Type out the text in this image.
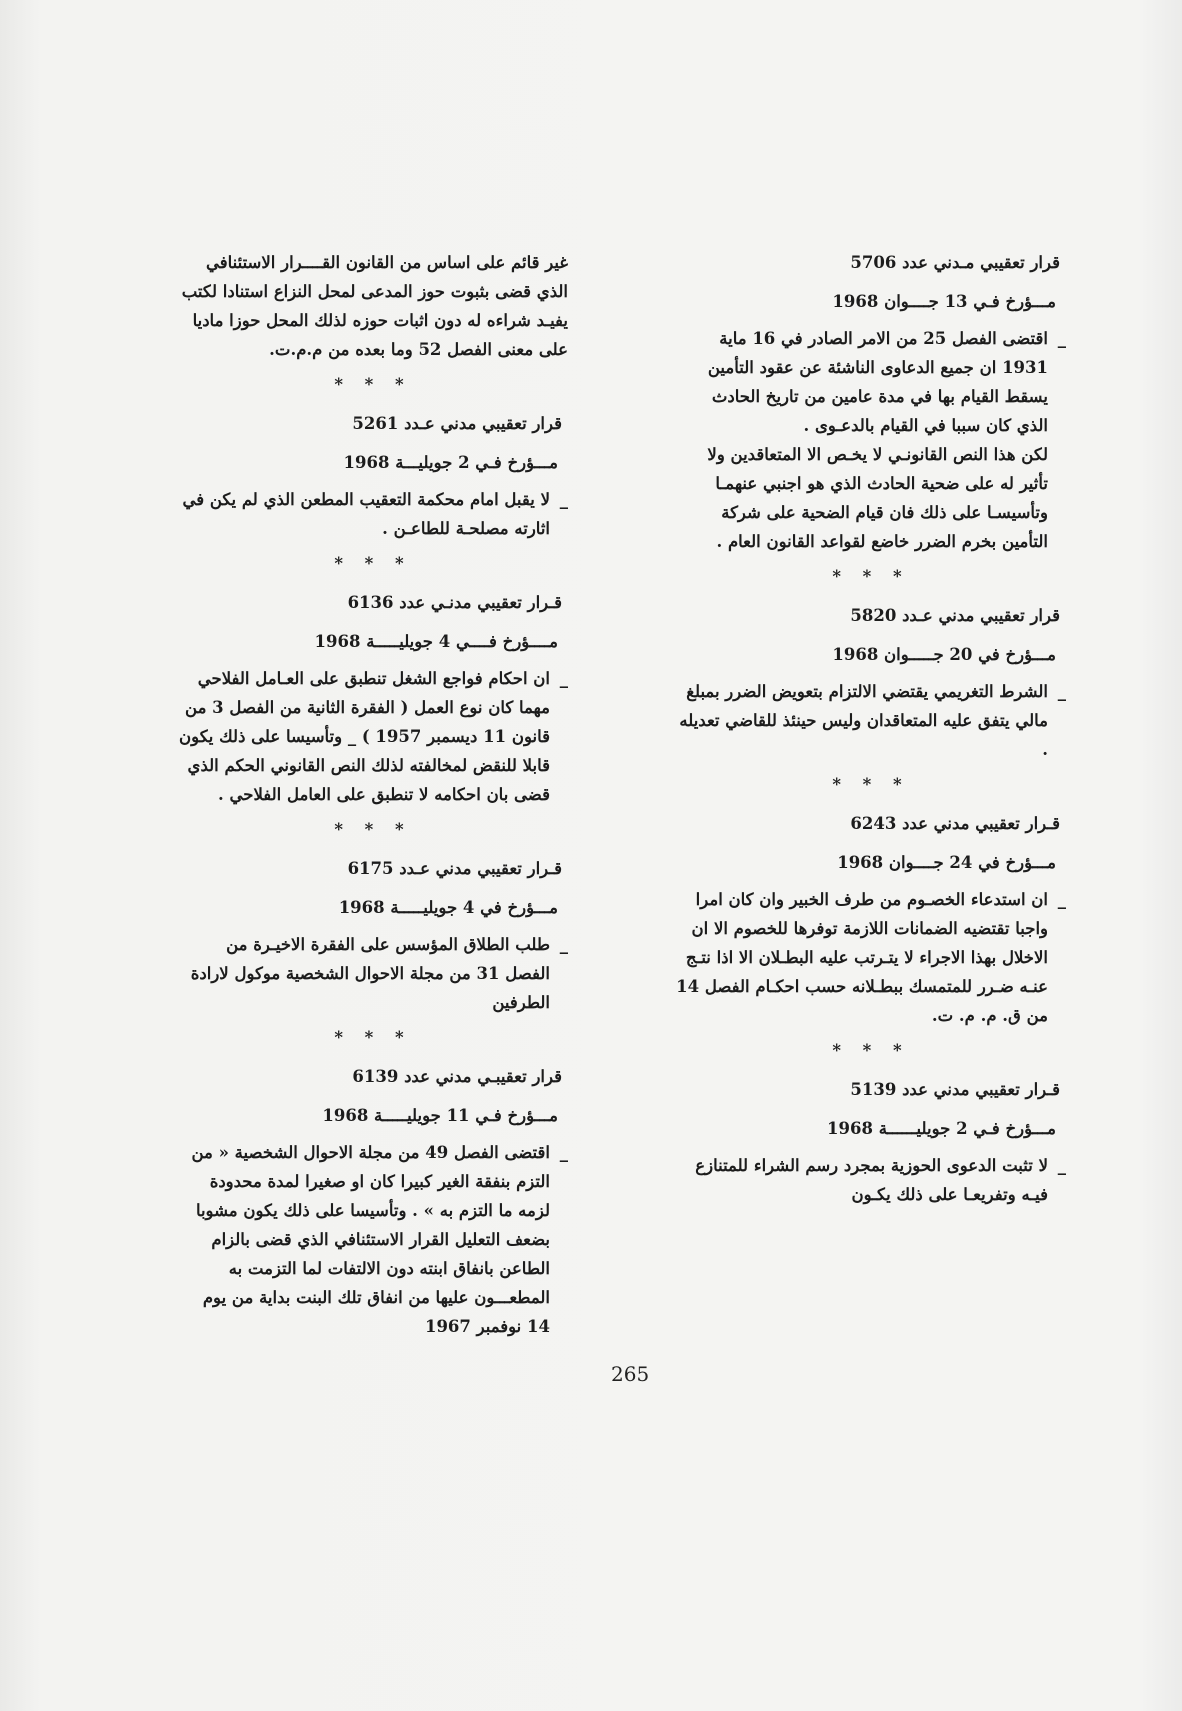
قرار تعقيبي مـدني عدد 5706
مـــؤرخ فـي 13 جــــوان 1968
_

اقتضى الفصل 25 من الامر الصادر في 16 ماية 1931 ان جميع الدعاوى الناشئة عن عقود التأمين يسقط القيام بها في مدة عامين من تاريخ الحادث الذي كان سببا في القيام بالدعـوى .

لكن هذا النص القانونـي لا يخـص الا المتعاقدين ولا تأثير له على ضحية الحادث الذي هو اجنبي عنهمـا وتأسيسـا على ذلك فان قيام الضحية على شركة التأمين بخرم الضرر خاضع لقواعد القانون العام .

* * *
قرار تعقيبي مدني عـدد 5820
مـــؤرخ في 20 جـــــوان 1968
_

الشرط التغريمي يقتضي الالتزام بتعويض الضرر بمبلغ مالي يتفق عليه المتعاقدان وليس حينئذ للقاضي تعديله .

* * *
قـرار تعقيبي مدني عدد 6243
مـــؤرخ في 24 جــــوان 1968
_

ان استدعاء الخصـوم من طرف الخبير وان كان امرا واجبا تقتضيه الضمانات اللازمة توفرها للخصوم الا ان الاخلال بهذا الاجراء لا يتـرتب عليه البطـلان الا اذا نتـج عنـه ضـرر للمتمسك ببطـلانه حسب احكـام الفصل 14 من ق. م. م. ت.

* * *
قـرار تعقيبي مدني عدد 5139
مـــؤرخ فـي 2 جويليــــــة 1968
_

لا تثبت الدعوى الحوزية بمجرد رسم الشراء للمتنازع فيـه وتفريعـا على ذلك يكـون

غير قائم على اساس من القانون القــــرار الاستئنافي الذي قضى بثبوت حوز المدعى لمحل النزاع استنادا لكتب يفيـد شراءه له دون اثبات حوزه لذلك المحل حوزا ماديا على معنى الفصل 52 وما بعده من م.م.ت.

* * *
قرار تعقيبي مدني عـدد 5261
مـــؤرخ فـي 2 جويليـــة 1968
_

لا يقبل امام محكمة التعقيب المطعن الذي لم يكن في اثارته مصلحـة للطاعـن .

* * *
قـرار تعقيبي مدنـي عدد 6136
مــــؤرخ فــــي 4 جويليـــــة 1968
_

ان احكام فواجع الشغل تنطبق على العـامل الفلاحي مهما كان نوع العمل ( الفقرة الثانية من الفصل 3 من قانون 11 ديسمبر 1957 ) _ وتأسيسا على ذلك يكون قابلا للنقض لمخالفته لذلك النص القانوني الحكم الذي قضى بان احكامه لا تنطبق على العامل الفلاحي .

* * *
قـرار تعقيبي مدني عـدد 6175
مـــؤرخ في 4 جويليـــــة 1968
_

طلب الطلاق المؤسس على الفقرة الاخيـرة من الفصل 31 من مجلة الاحوال الشخصية موكول لارادة الطرفين

* * *
قرار تعقيبـي مدني عدد 6139
مـــؤرخ فـي 11 جويليـــــة 1968
_

اقتضى الفصل 49 من مجلة الاحوال الشخصية « من التزم بنفقة الغير كبيرا كان او صغيرا لمدة محدودة لزمه ما التزم به » . وتأسيسا على ذلك يكون مشوبا بضعف التعليل القرار الاستئنافي الذي قضى بالزام الطاعن بانفاق ابنته دون الالتفات لما التزمت به المطعـــون عليها من انفاق تلك البنت بداية من يوم 14 نوفمبر 1967

265
